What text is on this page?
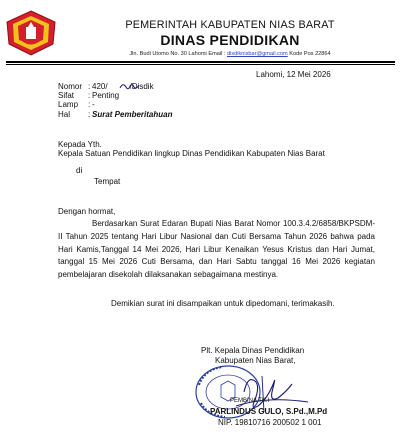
PEMERINTAH KABUPATEN NIAS BARAT
DINAS PENDIDIKAN
Jln. Budi Utomo No. 30 Lahomi Email : disdiknisbar@gmail.com Kode Pos 22864
Lahomi, 12 Mei 2026
Nomor : 420/	/Disdik
Sifat : Penting
Lamp : -
Hal : Surat Pemberitahuan
Kepada Yth.
Kepala Satuan Pendidikan lingkup Dinas Pendidikan Kabupaten Nias Barat
di
Tempat
Dengan hormat,
Berdasarkan Surat Edaran Bupati Nias Barat Nomor 100.3.4.2/6858/BKPSDM-II Tahun 2025 tentang Hari Libur Nasional dan Cuti Bersama Tahun 2026 bahwa pada Hari Kamis,Tanggal 14 Mei 2026, Hari Libur Kenaikan Yesus Kristus dan Hari Jumat, tanggal 15 Mei 2026 Cuti Bersama, dan Hari Sabtu tanggal 16 Mei 2026 kegiatan pembelajaran disekolah dilaksanakan sebagaimana mestinya.
Demikian surat ini disampaikan untuk dipedomani, terimakasih.
Plt. Kepala Dinas Pendidikan
Kabupaten Nias Barat,
PEMBINA TK.I
PARLINDUS GULO, S.Pd.,M.Pd
NIP. 19810716 200502 1 001
